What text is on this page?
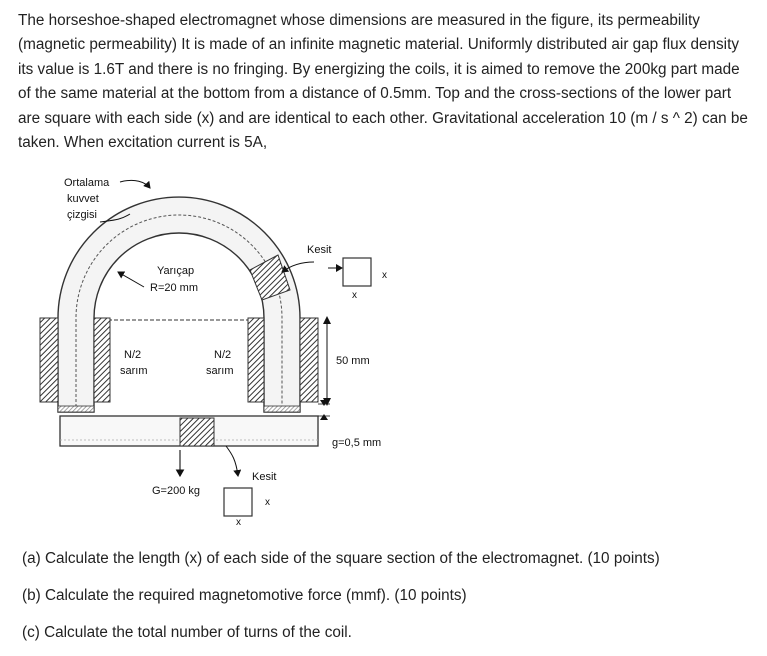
The horseshoe-shaped electromagnet whose dimensions are measured in the figure, its permeability (magnetic permeability) It is made of an infinite magnetic material. Uniformly distributed air gap flux density its value is 1.6T and there is no fringing. By energizing the coils, it is aimed to remove the 200kg part made of the same material at the bottom from a distance of 0.5mm. Top and the cross-sections of the lower part are square with each side (x) and are identical to each other. Gravitational acceleration 10 (m / s ^ 2) can be taken. When excitation current is 5A,

Ortalama
kuvvet
çizgisi
Yarıçap
R=20 mm
N/2
sarım
N/2
sarım
Kesit
x
x
50 mm
g=0,5 mm
G=200 kg
Kesit
x
x

(a) Calculate the length (x) of each side of the square section of the electromagnet. (10 points)

(b) Calculate the required magnetomotive force (mmf). (10 points)

(c) Calculate the total number of turns of the coil.
